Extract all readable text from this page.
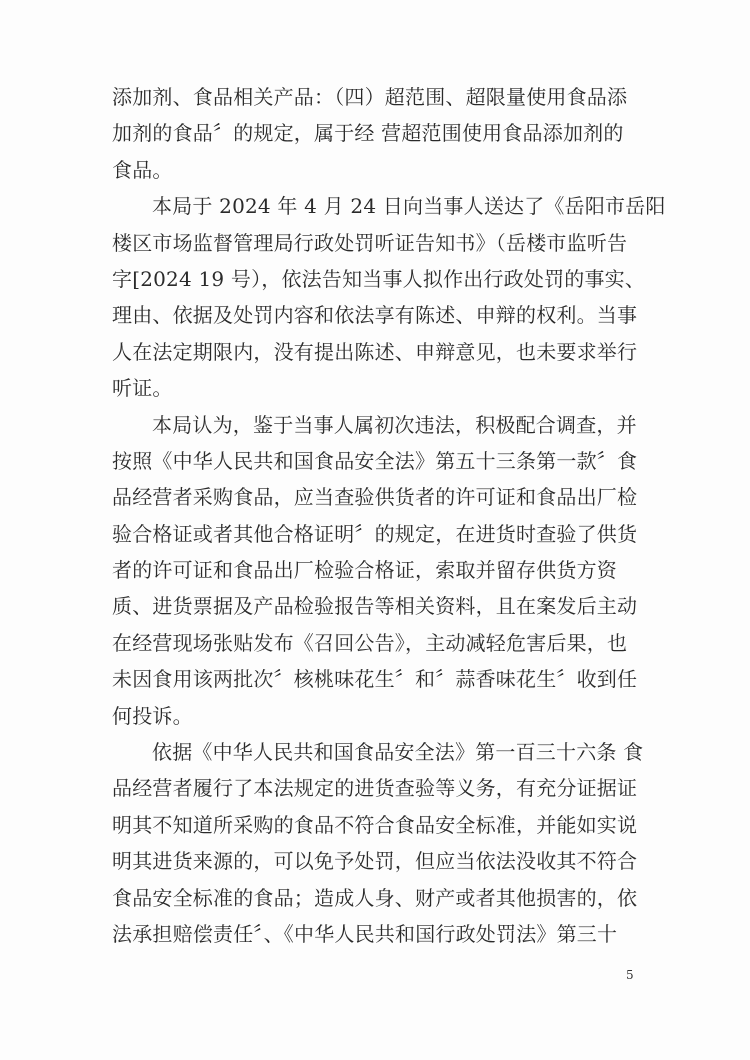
添加剂、食品相关产品：（四）超范围、超限量使用食品添
加剂的食品〞的规定，属于经 营超范围使用食品添加剂的
食品。
本局于 2024 年 4 月 24 日向当事人送达了《岳阳市岳阳
楼区市场监督管理局行政处罚听证告知书》（岳楼市监听告
字[2024 19 号），依法告知当事人拟作出行政处罚的事实、
理由、依据及处罚内容和依法享有陈述、申辩的权利。当事
人在法定期限内，没有提出陈述、申辩意见，也未要求举行
听证。
本局认为，鉴于当事人属初次违法，积极配合调查，并
按照《中华人民共和国食品安全法》第五十三条第一款〞食
品经营者采购食品，应当查验供货者的许可证和食品出厂检
验合格证或者其他合格证明〞的规定，在进货时查验了供货
者的许可证和食品出厂检验合格证，索取并留存供货方资
质、进货票据及产品检验报告等相关资料，且在案发后主动
在经营现场张贴发布《召回公告》，主动减轻危害后果，也
未因食用该两批次〞核桃味花生〞和〞蒜香味花生〞收到任
何投诉。
依据《中华人民共和国食品安全法》第一百三十六条 食
品经营者履行了本法规定的进货查验等义务，有充分证据证
明其不知道所采购的食品不符合食品安全标准，并能如实说
明其进货来源的，可以免予处罚，但应当依法没收其不符合
食品安全标准的食品；造成人身、财产或者其他损害的，依
法承担赔偿责任〞、《中华人民共和国行政处罚法》第三十
5
